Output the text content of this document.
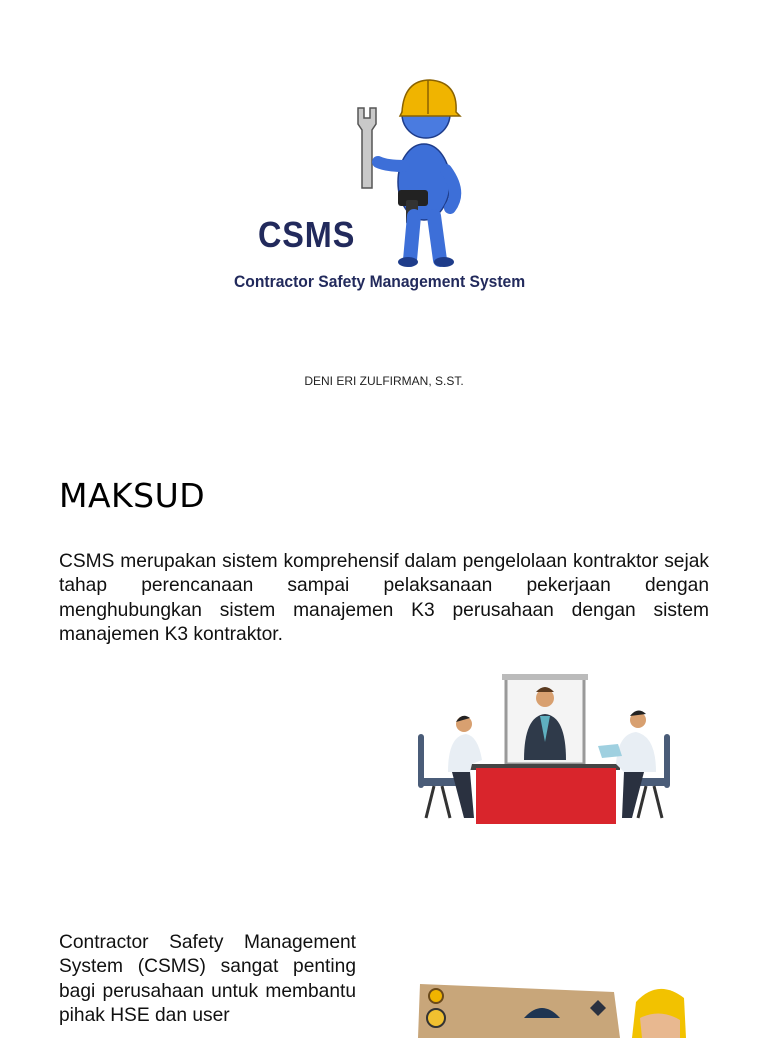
CSMS
Contractor Safety Management System
DENI ERI ZULFIRMAN, S.ST.
MAKSUD
CSMS merupakan sistem komprehensif dalam pengelolaan kontraktor sejak tahap perencanaan sampai pelaksanaan pekerjaan dengan menghubungkan sistem manajemen K3 perusahaan dengan sistem manajemen K3 kontraktor.
Contractor Safety Management System (CSMS) sangat penting bagi perusahaan untuk membantu pihak HSE dan user
